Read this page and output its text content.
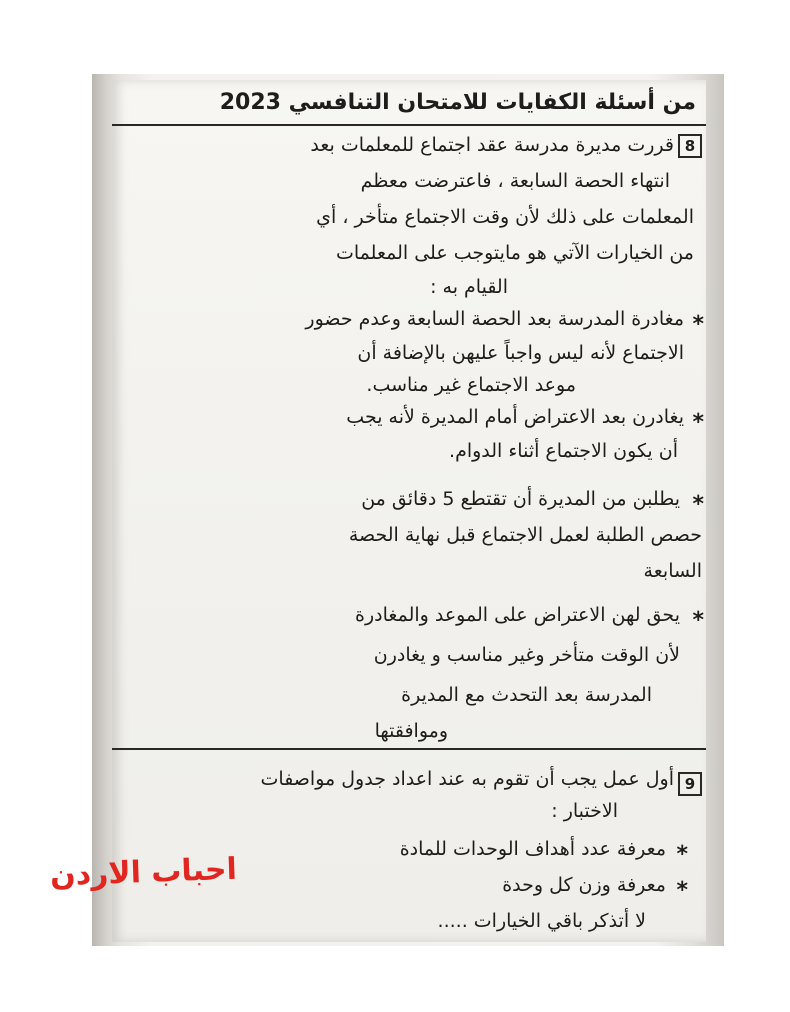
من أسئلة الكفايات للامتحان التنافسي 2023
8
قررت مديرة مدرسة عقد اجتماع للمعلمات بعد
انتهاء الحصة السابعة ، فاعترضت معظم
المعلمات على ذلك لأن وقت الاجتماع متأخر ، أي
من الخيارات الآتي هو مايتوجب على المعلمات
القيام به :
*
مغادرة المدرسة بعد الحصة السابعة وعدم حضور
الاجتماع لأنه ليس واجباً عليهن بالإضافة أن
موعد الاجتماع غير مناسب.
*
يغادرن بعد الاعتراض أمام المديرة لأنه يجب
أن يكون الاجتماع أثناء الدوام.
*
يطلبن من المديرة أن تقتطع 5 دقائق من
حصص الطلبة لعمل الاجتماع قبل نهاية الحصة
السابعة
*
يحق لهن الاعتراض على الموعد والمغادرة
لأن الوقت متأخر وغير مناسب و يغادرن
المدرسة بعد التحدث مع المديرة
وموافقتها
9
أول عمل يجب أن تقوم به عند اعداد جدول مواصفات
الاختبار :
*
معرفة عدد أهداف الوحدات للمادة
*
معرفة وزن كل وحدة
لا أتذكر باقي الخيارات .....
احباب الاردن
